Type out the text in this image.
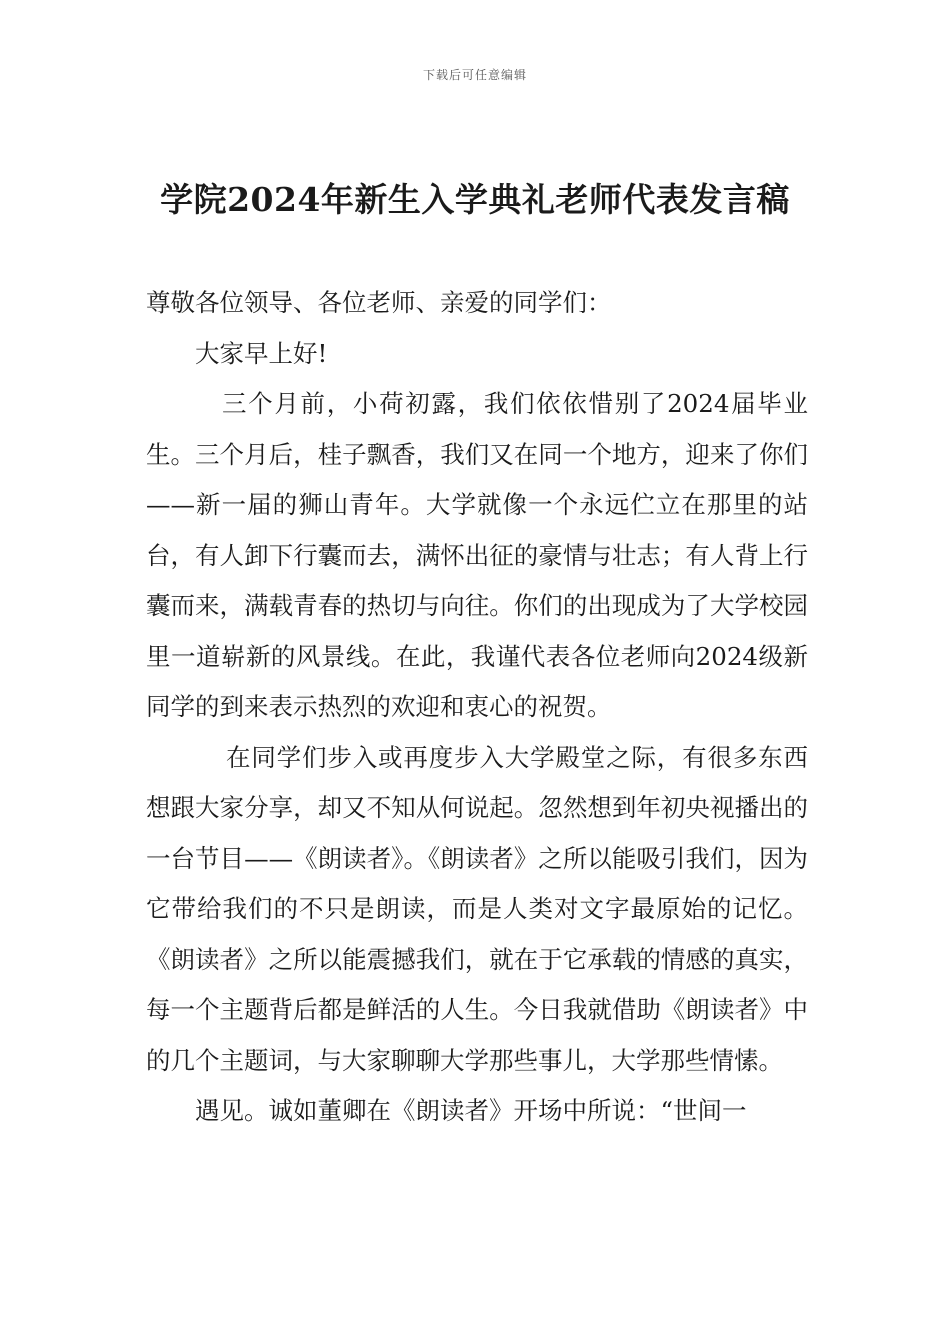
下载后可任意编辑
学院2024年新生入学典礼老师代表发言稿

尊敬各位领导、各位老师、亲爱的同学们：

大家早上好!

三个月前，小荷初露，我们依依惜别了2024届毕业生。三个月后，桂子飘香，我们又在同一个地方，迎来了你们——新一届的狮山青年。大学就像一个永远伫立在那里的站台，有人卸下行囊而去，满怀出征的豪情与壮志；有人背上行囊而来，满载青春的热切与向往。你们的出现成为了大学校园里一道崭新的风景线。在此，我谨代表各位老师向2024级新同学的到来表示热烈的欢迎和衷心的祝贺。

在同学们步入或再度步入大学殿堂之际，有很多东西想跟大家分享，却又不知从何说起。忽然想到年初央视播出的一台节目——《朗读者》。《朗读者》之所以能吸引我们，因为它带给我们的不只是朗读，而是人类对文字最原始的记忆。《朗读者》之所以能震撼我们，就在于它承载的情感的真实，每一个主题背后都是鲜活的人生。今日我就借助《朗读者》中的几个主题词，与大家聊聊大学那些事儿，大学那些情愫。

遇见。诚如董卿在《朗读者》开场中所说：“世间一
